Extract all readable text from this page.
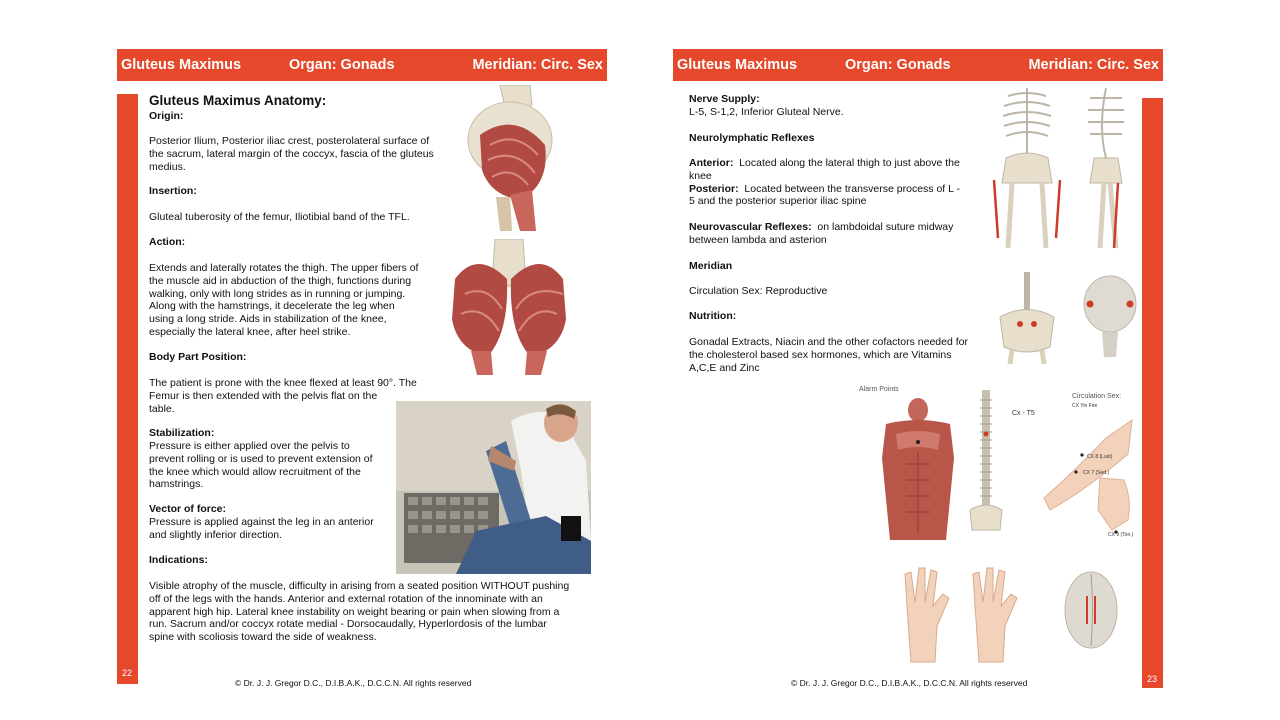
Gluteus Maximus	Organ: Gonads	Meridian: Circ. Sex
22
Gluteus Maximus Anatomy:
Origin:
Posterior Ilium, Posterior iliac crest, posterolateral surface of
the sacrum, lateral margin of the coccyx, fascia of the gluteus
medius.
Insertion:
Gluteal tuberosity of the femur, Iliotibial band of the TFL.
Action:
Extends and laterally rotates the thigh. The upper fibers of
the muscle aid in abduction of the thigh, functions during
walking, only with long strides as in running or jumping.
Along with the hamstrings, it decelerate the leg when
using a long stride. Aids in stabilization of the knee,
especially the lateral knee, after heel strike.
Body Part Position:
The patient is prone with the knee flexed at least 90°. The
Femur is then extended with the pelvis flat on the
table.
Stabilization:
Pressure is either applied over the pelvis to
prevent rolling or is used to prevent extension of
the knee which would allow recruitment of the
hamstrings.
Vector of force:
Pressure is applied against the leg in an anterior
and slightly inferior direction.
Indications:
Visible atrophy of the muscle, difficulty in arising from a seated position WITHOUT pushing
off of the legs with the hands. Anterior and external rotation of the innominate with an
apparent high hip. Lateral knee instability on weight bearing or pain when slowing from a
run. Sacrum and/or coccyx rotate medial - Dorsocaudally, Hyperlordosis of the lumbar
spine with scoliosis toward the side of weakness.
© Dr. J. J. Gregor D.C., D.I.B.A.K., D.C.C.N. All rights reserved
Gluteus Maximus	Organ: Gonads	Meridian: Circ. Sex
23
Nerve Supply:
L-5, S-1,2, Inferior Gluteal Nerve.
Neurolymphatic Reflexes
Anterior:  Located along the lateral thigh to just above the
knee
Posterior:  Located between the transverse process of L -
5 and the posterior superior iliac spine
Neurovascular Reflexes:  on lambdoidal suture midway
between lambda and asterion
Meridian
Circulation Sex: Reproductive
Nutrition:
Gonadal Extracts, Niacin and the other cofactors needed for
the cholesterol based sex hormones, which are Vitamins
A,C,E and Zinc
© Dr. J. J. Gregor D.C., D.I.B.A.K., D.C.C.N. All rights reserved
Alarm Points
Cx - T5
Circulation Sex:
CX Yin Fire
CX 8 (Lust)
CX 7 (Sed.)
CX 9 (Ton.)
